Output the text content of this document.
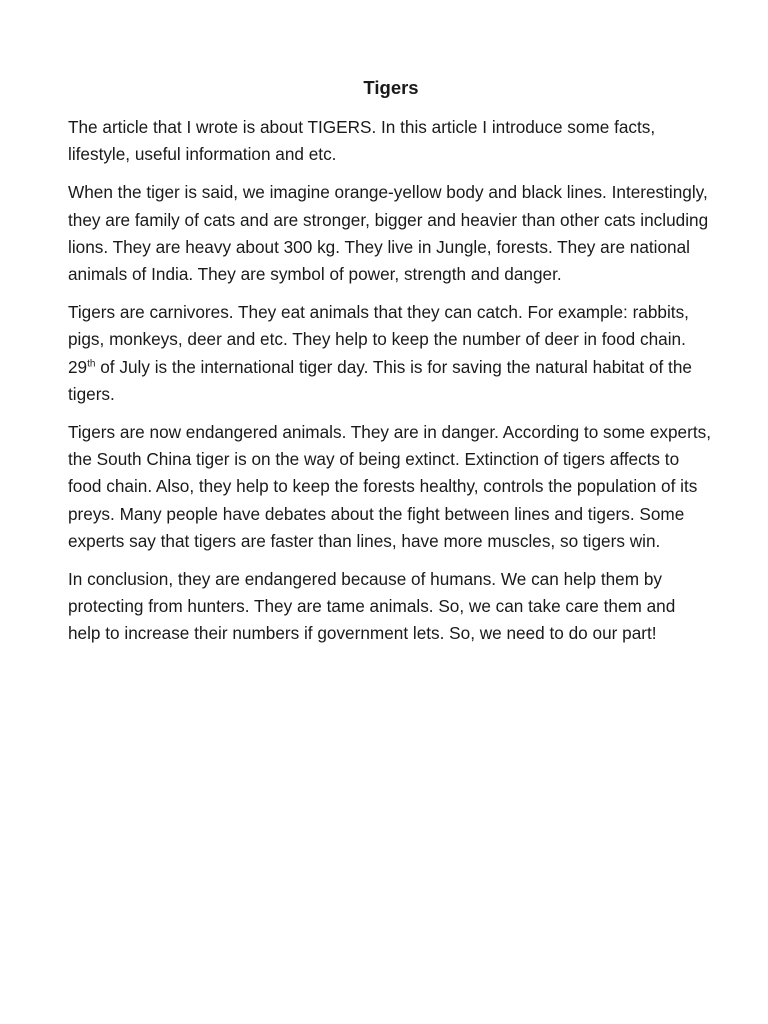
Tigers

The article that I wrote is about TIGERS. In this article I introduce some facts, lifestyle, useful information and etc.

When the tiger is said, we imagine orange-yellow body and black lines. Interestingly, they are family of cats and are stronger, bigger and heavier than other cats including lions. They are heavy about 300 kg. They live in Jungle, forests. They are national animals of India. They are symbol of power, strength and danger.

Tigers are carnivores. They eat animals that they can catch. For example: rabbits, pigs, monkeys, deer and etc. They help to keep the number of deer in food chain. 29th of July is the international tiger day. This is for saving the natural habitat of the tigers.

Tigers are now endangered animals. They are in danger. According to some experts, the South China tiger is on the way of being extinct. Extinction of tigers affects to food chain. Also, they help to keep the forests healthy, controls the population of its preys. Many people have debates about the fight between lines and tigers. Some experts say that tigers are faster than lines, have more muscles, so tigers win.

In conclusion, they are endangered because of humans. We can help them by protecting from hunters. They are tame animals. So, we can take care them and help to increase their numbers if government lets. So, we need to do our part!
